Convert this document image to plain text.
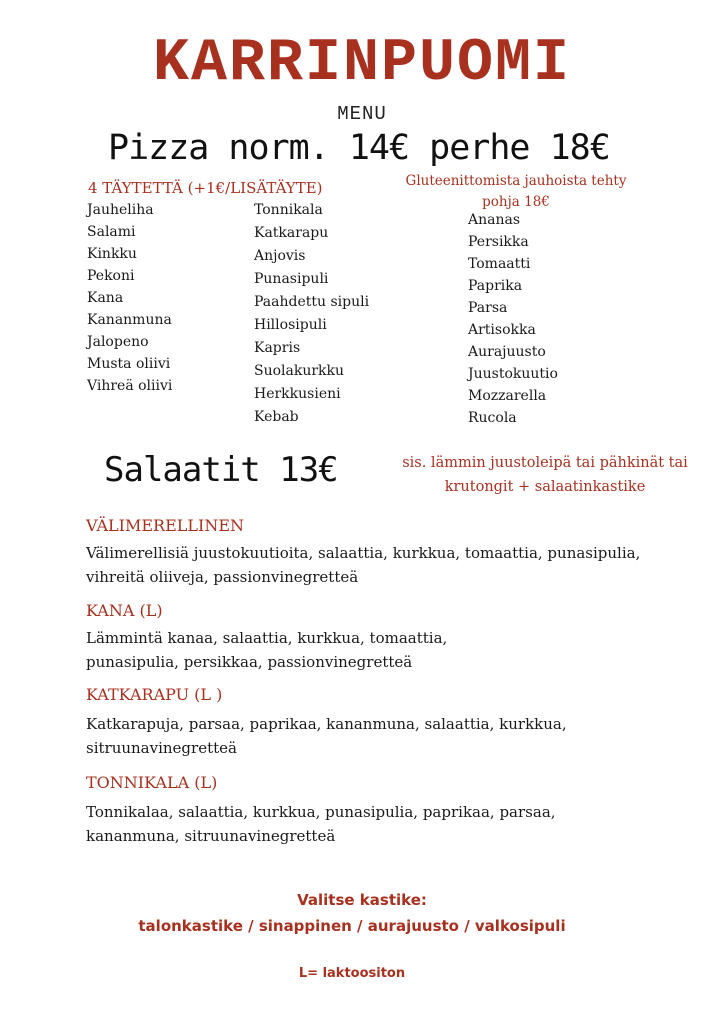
KARRINPUOMI
MENU
Pizza norm. 14€ perhe 18€
4 TÄYTETTÄ (+1€/LISÄTÄYTE)	Gluteenittomista jauhoista tehty pohja 18€
Jauheliha
Salami
Kinkku
Pekoni
Kana
Kananmuna
Jalopeno
Musta oliivi
Vihreä oliivi
Tonnikala
Katkarapu
Anjovis
Punasipuli
Paahdettu sipuli
Hillosipuli
Kapris
Suolakurkku
Herkkusieni
Kebab
Ananas
Persikka
Tomaatti
Paprika
Parsa
Artisokka
Aurajuusto
Juustokuutio
Mozzarella
Rucola
Salaatit 13€	sis. lämmin juustoleipä tai pähkinät tai krutongit + salaatinkastike
VÄLIMERELLINEN
Välimerellisiä juustokuutioita, salaattia, kurkkua, tomaattia, punasipulia, vihreitä oliiveja, passionvinegretteä
KANA (L)
Lämmintä kanaa, salaattia, kurkkua, tomaattia, punasipulia, persikkaa, passionvinegretteä
KATKARAPU (L )
Katkarapuja, parsaa, paprikaa, kananmuna, salaattia, kurkkua, sitruunavinegretteä
TONNIKALA (L)
Tonnikalaa, salaattia, kurkkua, punasipulia, paprikaa, parsaa, kananmuna, sitruunavinegretteä
Valitse kastike:
talonkastike / sinappinen / aurajuusto / valkosipuli
L= laktoositon
